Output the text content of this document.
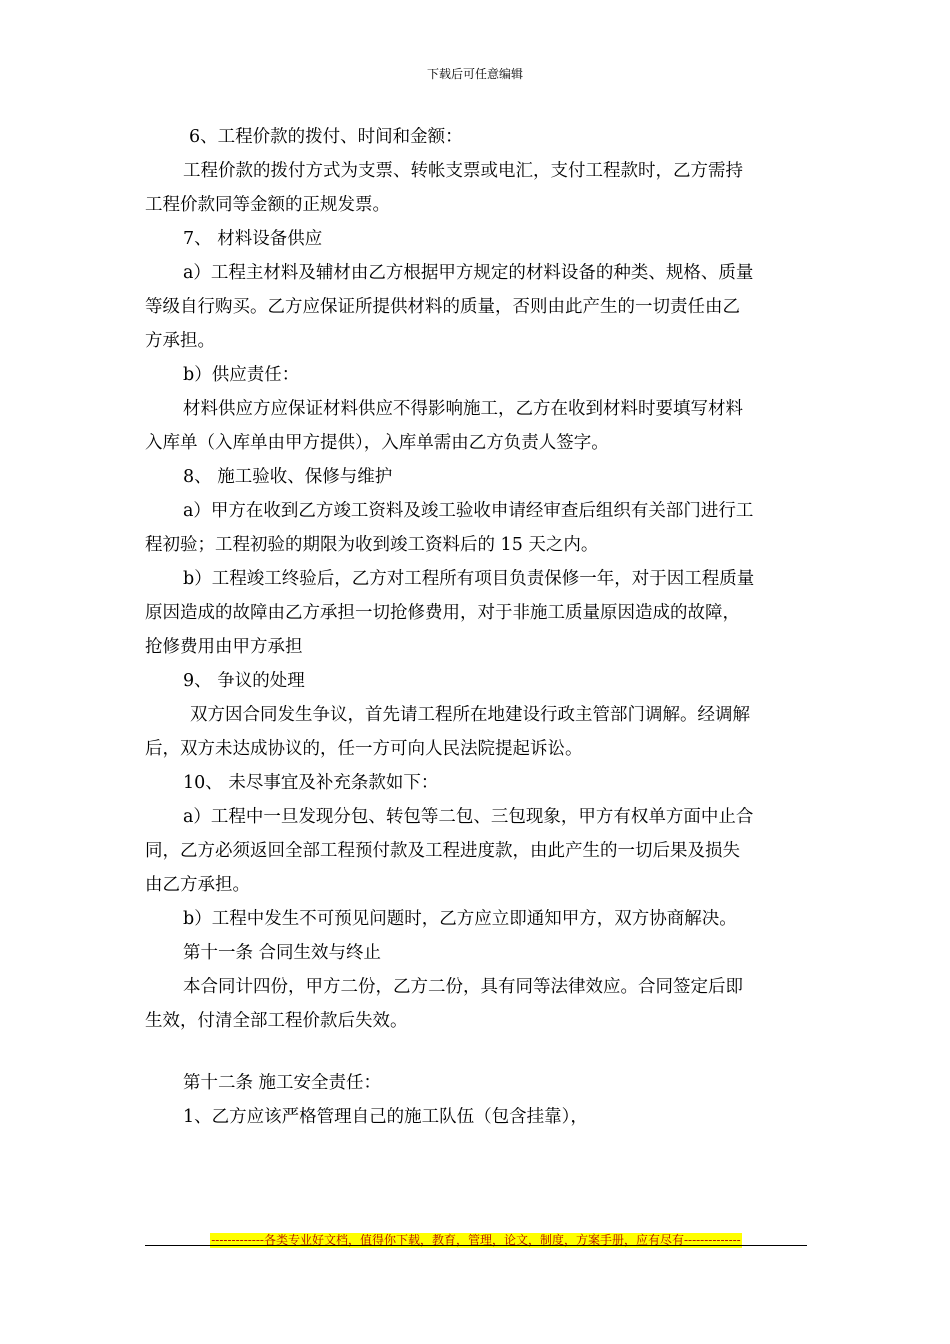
下载后可任意编辑
6、工程价款的拨付、时间和金额：
工程价款的拨付方式为支票、转帐支票或电汇，支付工程款时，乙方需持
工程价款同等金额的正规发票。
7、 材料设备供应
a）工程主材料及辅材由乙方根据甲方规定的材料设备的种类、规格、质量
等级自行购买。乙方应保证所提供材料的质量，否则由此产生的一切责任由乙
方承担。
b）供应责任：
材料供应方应保证材料供应不得影响施工，乙方在收到材料时要填写材料
入库单（入库单由甲方提供），入库单需由乙方负责人签字。
8、 施工验收、保修与维护
a）甲方在收到乙方竣工资料及竣工验收申请经审查后组织有关部门进行工
程初验；工程初验的期限为收到竣工资料后的 15 天之内。
b）工程竣工终验后，乙方对工程所有项目负责保修一年，对于因工程质量
原因造成的故障由乙方承担一切抢修费用，对于非施工质量原因造成的故障，
抢修费用由甲方承担
9、 争议的处理
双方因合同发生争议，首先请工程所在地建设行政主管部门调解。经调解
后，双方未达成协议的，任一方可向人民法院提起诉讼。
10、 未尽事宜及补充条款如下：
a）工程中一旦发现分包、转包等二包、三包现象，甲方有权单方面中止合
同，乙方必须返回全部工程预付款及工程进度款，由此产生的一切后果及损失
由乙方承担。
b）工程中发生不可预见问题时，乙方应立即通知甲方，双方协商解决。
第十一条 合同生效与终止
本合同计四份，甲方二份，乙方二份，具有同等法律效应。合同签定后即
生效，付清全部工程价款后失效。
第十二条 施工安全责任：
1、乙方应该严格管理自己的施工队伍（包含挂靠），
-------------各类专业好文档，值得你下载，教育，管理，论文，制度，方案手册，应有尽有--------------
